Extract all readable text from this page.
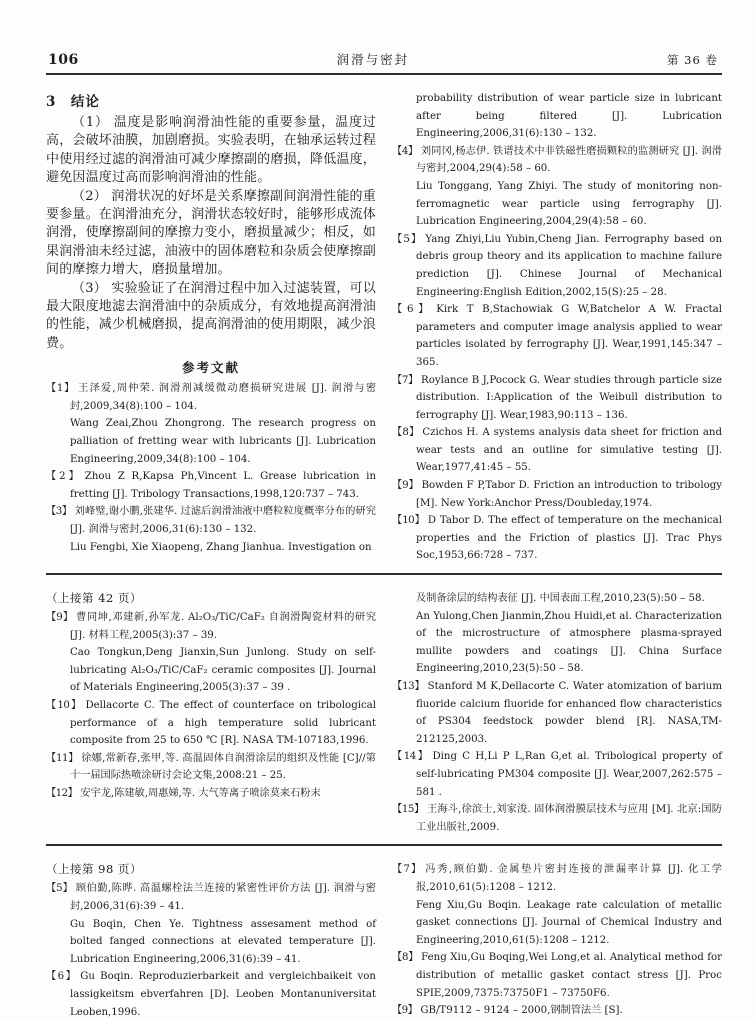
106	润滑与密封	第 36 卷
3　结论

（1） 温度是影响润滑油性能的重要参量，温度过高，会破坏油膜，加剧磨损。实验表明，在轴承运转过程中使用经过滤的润滑油可减少摩擦副的磨损，降低温度，避免因温度过高而影响润滑油的性能。

（2） 润滑状况的好坏是关系摩擦副间润滑性能的重要参量。在润滑油充分，润滑状态较好时，能够形成流体润滑，使摩擦副间的摩擦力变小，磨损量减少；相反，如果润滑油未经过滤，油液中的固体磨粒和杂质会使摩擦副间的摩擦力增大，磨损量增加。

（3） 实验验证了在润滑过程中加入过滤装置，可以最大限度地滤去润滑油中的杂质成分，有效地提高润滑油的性能，减少机械磨损，提高润滑油的使用期限，减少浪费。

参考文献
【1】 王泽爱,周仲荣. 润滑剂减缓微动磨损研究进展 [J]. 润滑与密封,2009,34(8):100 – 104.
Wang Zeai,Zhou Zhongrong. The research progress on palliation of fretting wear with lubricants [J]. Lubrication Engineering,2009,34(8):100 – 104.
【2】 Zhou Z R,Kapsa Ph,Vincent L. Grease lubrication in fretting [J]. Tribology Transactions,1998,120:737 – 743.
【3】 刘峰璧,谢小鹏,张建华. 过滤后润滑油液中磨粒粒度概率分布的研究 [J]. 润滑与密封,2006,31(6):130 – 132.
Liu Fengbi, Xie Xiaopeng, Zhang Jianhua. Investigation on
probability distribution of wear particle size in lubricant after being filtered [J]. Lubrication Engineering,2006,31(6):130 – 132.
【4】 刘同冈,杨志伊. 铁谱技术中非铁磁性磨损颗粒的监测研究 [J]. 润滑与密封,2004,29(4):58 – 60.
Liu Tonggang, Yang Zhiyi. The study of monitoring non-ferromagnetic wear particle using ferrography [J]. Lubrication Engineering,2004,29(4):58 – 60.
【5】 Yang Zhiyi,Liu Yubin,Cheng Jian. Ferrography based on debris group theory and its application to machine failure prediction [J]. Chinese Journal of Mechanical Engineering:English Edition,2002,15(S):25 – 28.
【6】 Kirk T B,Stachowiak G W,Batchelor A W. Fractal parameters and computer image analysis applied to wear particles isolated by ferrography [J]. Wear,1991,145:347 – 365.
【7】 Roylance B J,Pocock G. Wear studies through particle size distribution. I:Application of the Weibull distribution to ferrography [J]. Wear,1983,90:113 – 136.
【8】 Czichos H. A systems analysis data sheet for friction and wear tests and an outline for simulative testing [J]. Wear,1977,41:45 – 55.
【9】 Bowden F P,Tabor D. Friction an introduction to tribology [M]. New York:Anchor Press/Doubleday,1974.
【10】 D Tabor D. The effect of temperature on the mechanical properties and the Friction of plastics [J]. Trac Phys Soc,1953,66:728 – 737.
（上接第 42 页）
【9】 曹同坤,邓建新,孙军龙. Al₂O₃/TiC/CaF₂ 自润滑陶瓷材料的研究 [J]. 材料工程,2005(3):37 – 39.
Cao Tongkun,Deng Jianxin,Sun Junlong. Study on self-lubricating Al₂O₃/TiC/CaF₂ ceramic composites [J]. Journal of Materials Engineering,2005(3):37 – 39 .
【10】 Dellacorte C. The effect of counterface on tribological performance of a high temperature solid lubricant composite from 25 to 650 ℃ [R]. NASA TM-107183,1996.
【11】 徐娜,常新春,张甲,等. 高温固体自润滑涂层的组织及性能 [C]//第十一届国际热喷涂研讨会论文集,2008:21 – 25.
【12】 安宇龙,陈建敏,周惠娣,等. 大气等离子喷涂莫来石粉末
及制备涂层的结构表征 [J]. 中国表面工程,2010,23(5):50 – 58.
An Yulong,Chen Jianmin,Zhou Huidi,et al. Characterization of the microstructure of atmosphere plasma-sprayed mullite powders and coatings [J]. China Surface Engineering,2010,23(5):50 – 58.
【13】 Stanford M K,Dellacorte C. Water atomization of barium fluoride calcium fluoride for enhanced flow characteristics of PS304 feedstock powder blend [R]. NASA,TM-212125,2003.
【14】 Ding C H,Li P L,Ran G,et al. Tribological property of self-lubricating PM304 composite [J]. Wear,2007,262:575 – 581 .
【15】 王海斗,徐滨士,刘家浚. 固体润滑膜层技术与应用 [M]. 北京:国防工业出版社,2009.
（上接第 98 页）
【5】 顾伯勤,陈晔. 高温螺栓法兰连接的紧密性评价方法 [J]. 润滑与密封,2006,31(6):39 – 41.
Gu Boqin, Chen Ye. Tightness assesament method of bolted fanged connections at elevated temperature [J]. Lubrication Engineering,2006,31(6):39 – 41.
【6】 Gu Boqin. Reproduzierbarkeit and vergleichbaikeit von lassigkeitsm ebverfahren [D]. Leoben Montanuniversitat Leoben,1996.
【7】 冯秀,顾伯勤. 金属垫片密封连接的泄漏率计算 [J]. 化工学报,2010,61(5):1208 – 1212.
Feng Xiu,Gu Boqin. Leakage rate calculation of metallic gasket connections [J]. Journal of Chemical Industry and Engineering,2010,61(5):1208 – 1212.
【8】 Feng Xiu,Gu Boqing,Wei Long,et al. Analytical method for distribution of metallic gasket contact stress [J]. Proc SPIE,2009,7375:73750F1 – 73750F6.
【9】 GB/T9112 – 9124 – 2000,钢制管法兰 [S].
